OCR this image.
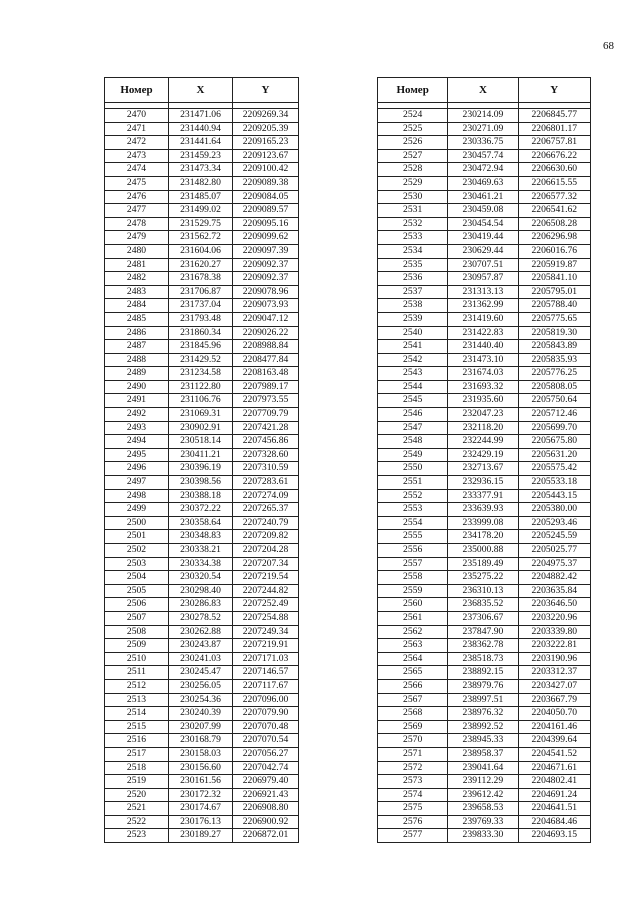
68
Номер	X	Y

2470	231471.06	2209269.34
2471	231440.94	2209205.39
2472	231441.64	2209165.23
2473	231459.23	2209123.67
2474	231473.34	2209100.42
2475	231482.80	2209089.38
2476	231485.07	2209084.05
2477	231499.02	2209089.57
2478	231529.75	2209095.16
2479	231562.72	2209099.62
2480	231604.06	2209097.39
2481	231620.27	2209092.37
2482	231678.38	2209092.37
2483	231706.87	2209078.96
2484	231737.04	2209073.93
2485	231793.48	2209047.12
2486	231860.34	2209026.22
2487	231845.96	2208988.84
2488	231429.52	2208477.84
2489	231234.58	2208163.48
2490	231122.80	2207989.17
2491	231106.76	2207973.55
2492	231069.31	2207709.79
2493	230902.91	2207421.28
2494	230518.14	2207456.86
2495	230411.21	2207328.60
2496	230396.19	2207310.59
2497	230398.56	2207283.61
2498	230388.18	2207274.09
2499	230372.22	2207265.37
2500	230358.64	2207240.79
2501	230348.83	2207209.82
2502	230338.21	2207204.28
2503	230334.38	2207207.34
2504	230320.54	2207219.54
2505	230298.40	2207244.82
2506	230286.83	2207252.49
2507	230278.52	2207254.88
2508	230262.88	2207249.34
2509	230243.87	2207219.91
2510	230241.03	2207171.03
2511	230245.47	2207146.57
2512	230256.05	2207117.67
2513	230254.36	2207096.00
2514	230240.39	2207079.90
2515	230207.99	2207070.48
2516	230168.79	2207070.54
2517	230158.03	2207056.27
2518	230156.60	2207042.74
2519	230161.56	2206979.40
2520	230172.32	2206921.43
2521	230174.67	2206908.80
2522	230176.13	2206900.92
2523	230189.27	2206872.01
Номер	X	Y

2524	230214.09	2206845.77
2525	230271.09	2206801.17
2526	230336.75	2206757.81
2527	230457.74	2206676.22
2528	230472.94	2206630.60
2529	230469.63	2206615.55
2530	230461.21	2206577.32
2531	230459.08	2206541.62
2532	230454.54	2206508.28
2533	230419.44	2206296.98
2534	230629.44	2206016.76
2535	230707.51	2205919.87
2536	230957.87	2205841.10
2537	231313.13	2205795.01
2538	231362.99	2205788.40
2539	231419.60	2205775.65
2540	231422.83	2205819.30
2541	231440.40	2205843.89
2542	231473.10	2205835.93
2543	231674.03	2205776.25
2544	231693.32	2205808.05
2545	231935.60	2205750.64
2546	232047.23	2205712.46
2547	232118.20	2205699.70
2548	232244.99	2205675.80
2549	232429.19	2205631.20
2550	232713.67	2205575.42
2551	232936.15	2205533.18
2552	233377.91	2205443.15
2553	233639.93	2205380.00
2554	233999.08	2205293.46
2555	234178.20	2205245.59
2556	235000.88	2205025.77
2557	235189.49	2204975.37
2558	235275.22	2204882.42
2559	236310.13	2203635.84
2560	236835.52	2203646.50
2561	237306.67	2203220.96
2562	237847.90	2203339.80
2563	238362.78	2203222.81
2564	238518.73	2203190.96
2565	238892.15	2203312.37
2566	238979.76	2203427.07
2567	238997.51	2203667.79
2568	238976.32	2204050.70
2569	238992.52	2204161.46
2570	238945.33	2204399.64
2571	238958.37	2204541.52
2572	239041.64	2204671.61
2573	239112.29	2204802.41
2574	239612.42	2204691.24
2575	239658.53	2204641.51
2576	239769.33	2204684.46
2577	239833.30	2204693.15
